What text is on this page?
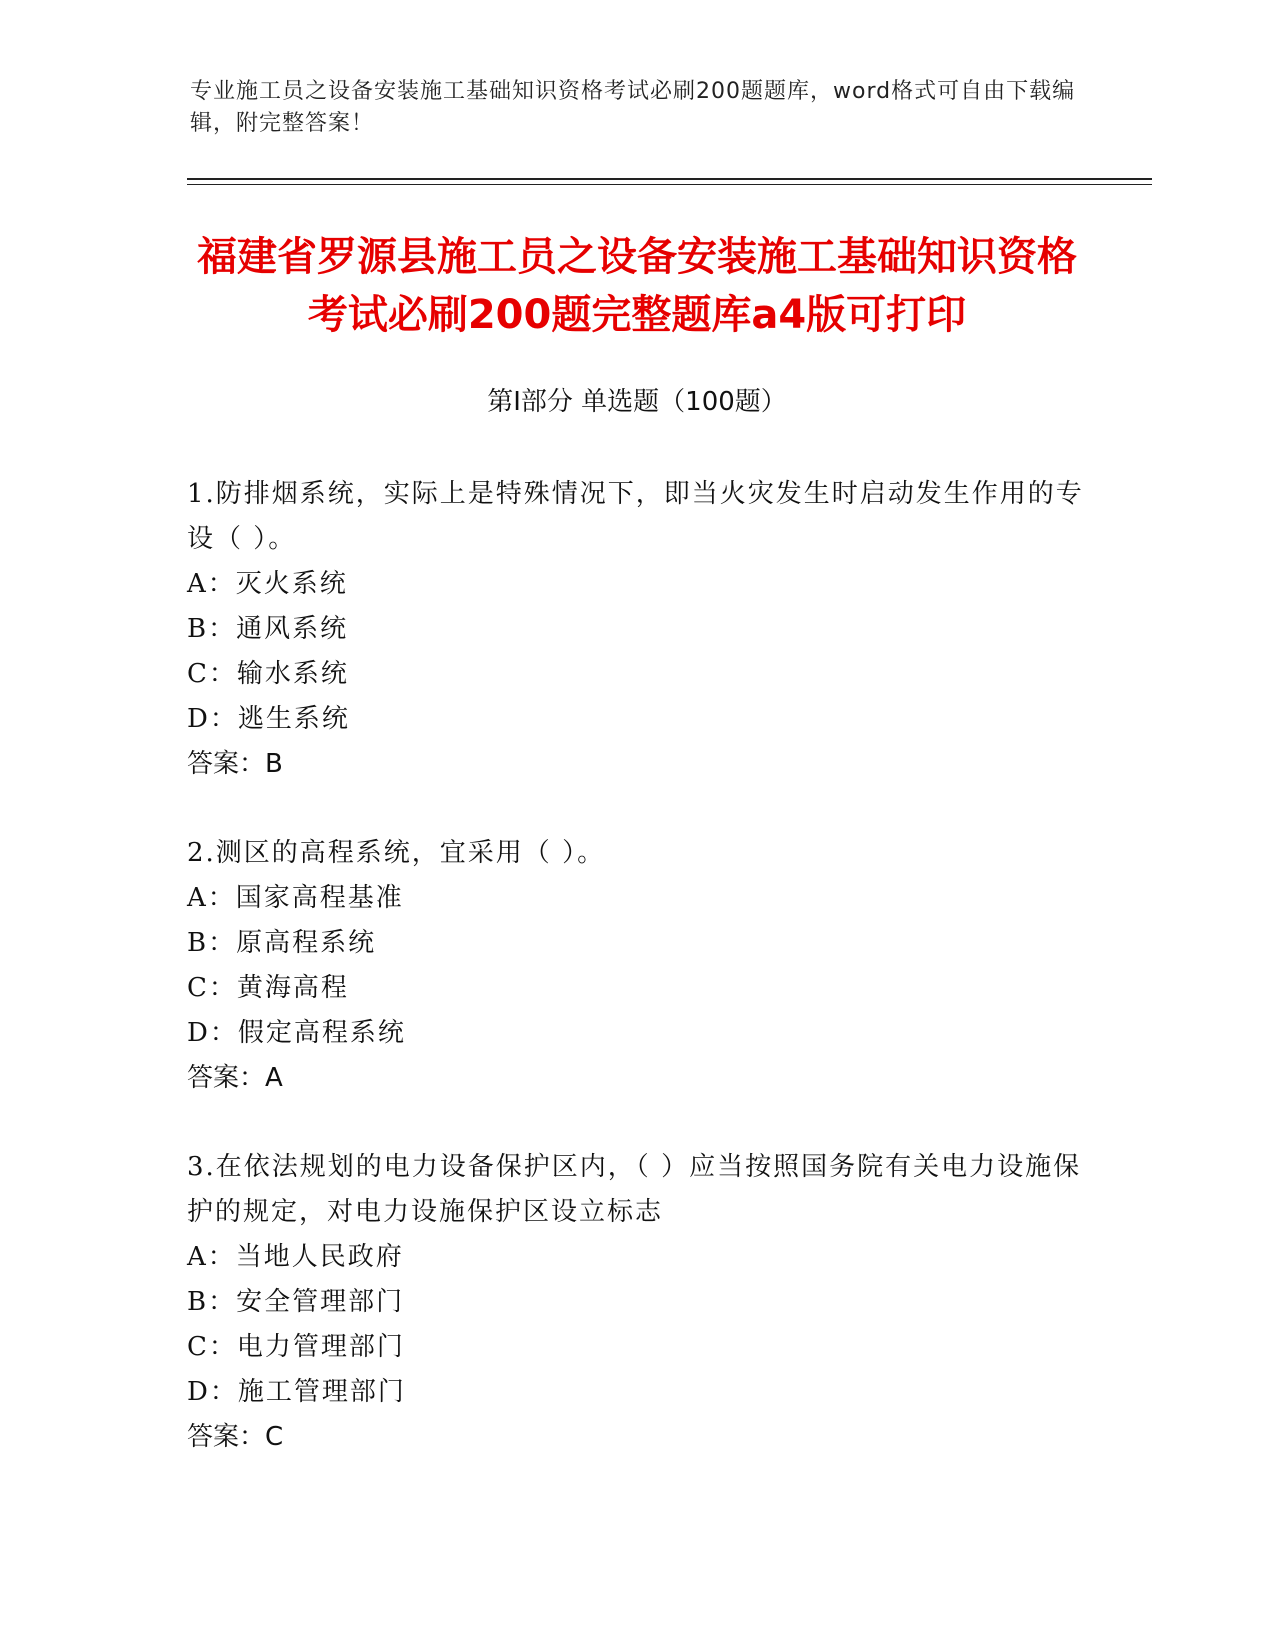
专业施工员之设备安装施工基础知识资格考试必刷200题题库，word格式可自由下载编辑，附完整答案！
福建省罗源县施工员之设备安装施工基础知识资格考试必刷200题完整题库a4版可打印
第Ⅰ部分 单选题（100题）
1.防排烟系统，实际上是特殊情况下，即当火灾发生时启动发生作用的专设（ ）。
A：灭火系统
B：通风系统
C：输水系统
D：逃生系统
答案：B
2.测区的高程系统，宜采用（ ）。
A：国家高程基准
B：原高程系统
C：黄海高程
D：假定高程系统
答案：A
3.在依法规划的电力设备保护区内，（ ）应当按照国务院有关电力设施保护的规定，对电力设施保护区设立标志
A：当地人民政府
B：安全管理部门
C：电力管理部门
D：施工管理部门
答案：C
